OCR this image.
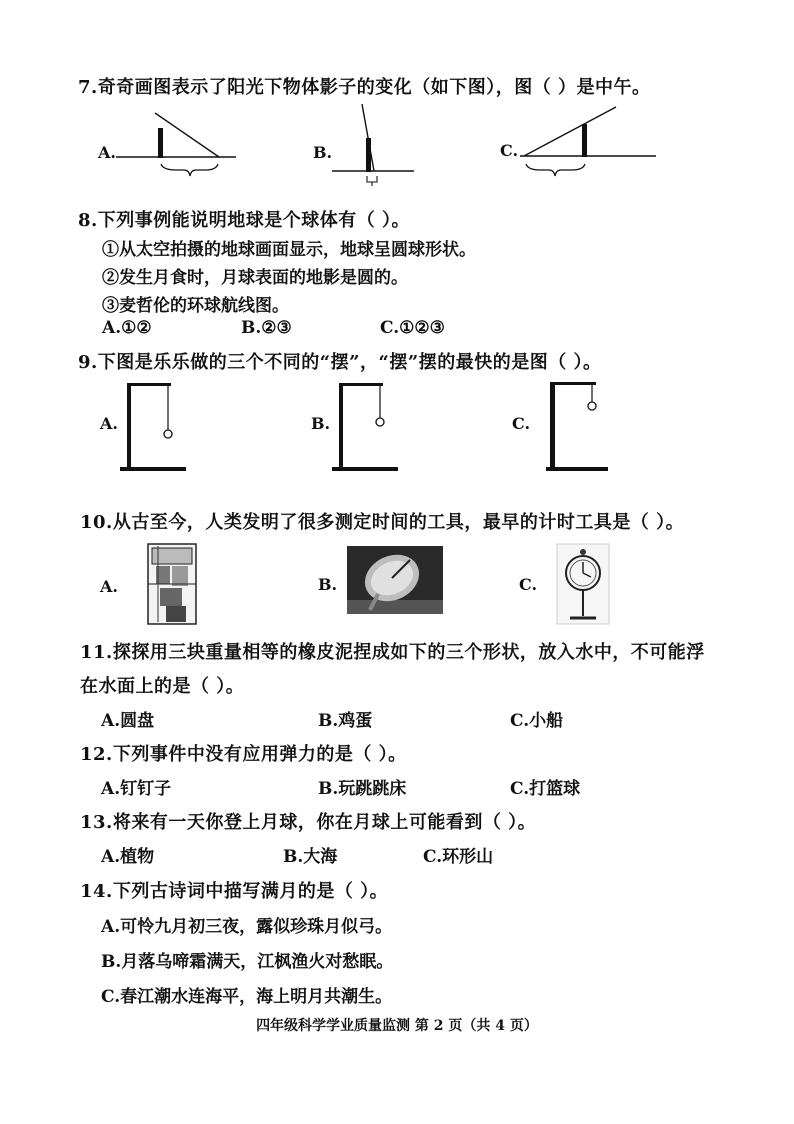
7.奇奇画图表示了阳光下物体影子的变化（如下图），图（ ）是中午。
A.	B.	C.
8.下列事例能说明地球是个球体有（ ）。
①从太空拍摄的地球画面显示，地球呈圆球形状。
②发生月食时，月球表面的地影是圆的。
③麦哲伦的环球航线图。
A.①②	B.②③	C.①②③
9.下图是乐乐做的三个不同的“摆”，“摆”摆的最快的是图（ ）。
A.	B.	C.
10.从古至今，人类发明了很多测定时间的工具，最早的计时工具是（ ）。
A.	B.	C.
11.探探用三块重量相等的橡皮泥捏成如下的三个形状，放入水中，不可能浮
在水面上的是（ ）。
A.圆盘	B.鸡蛋	C.小船
12.下列事件中没有应用弹力的是（ ）。
A.钉钉子	B.玩跳跳床	C.打篮球
13.将来有一天你登上月球，你在月球上可能看到（ ）。
A.植物	B.大海	C.环形山
14.下列古诗词中描写满月的是（ ）。
A.可怜九月初三夜，露似珍珠月似弓。
B.月落乌啼霜满天，江枫渔火对愁眠。
C.春江潮水连海平，海上明月共潮生。
四年级科学学业质量监测 第 2 页（共 4 页）
